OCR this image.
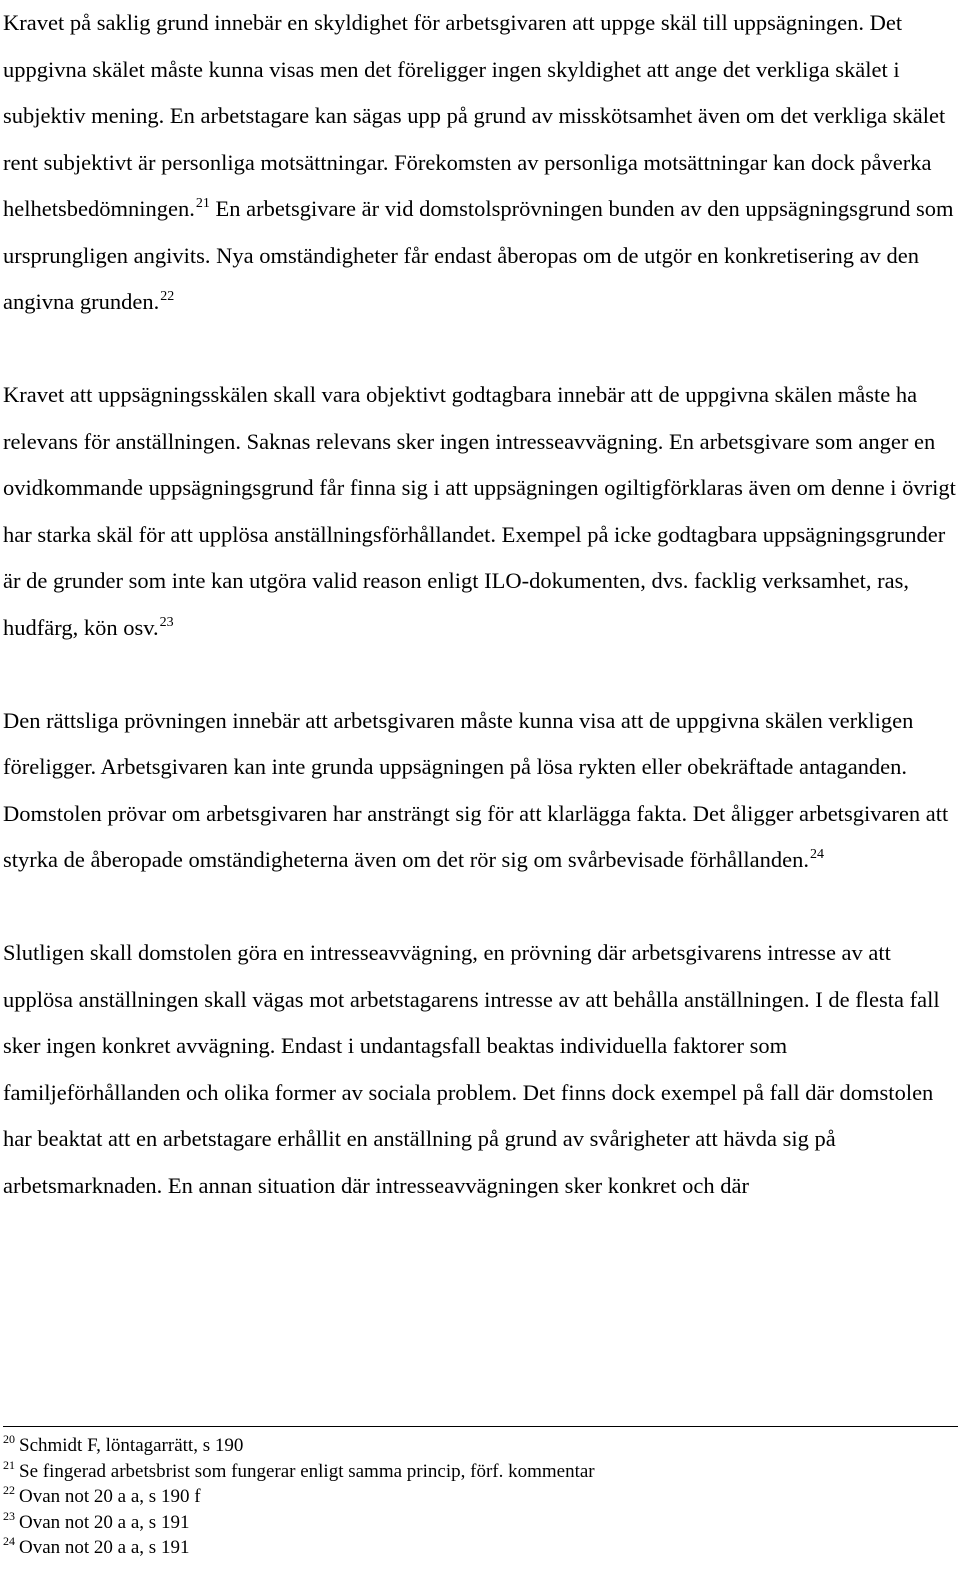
Kravet på saklig grund innebär en skyldighet för arbetsgivaren att uppge skäl till uppsägningen. Det uppgivna skälet måste kunna visas men det föreligger ingen skyldighet att ange det verkliga skälet i subjektiv mening. En arbetstagare kan sägas upp på grund av misskötsamhet även om det verkliga skälet rent subjektivt är personliga motsättningar. Förekomsten av personliga motsättningar kan dock påverka helhetsbedömningen.$^{21}$ En arbetsgivare är vid domstolsprövningen bunden av den uppsägningsgrund som ursprungligen angivits. Nya omständigheter får endast åberopas om de utgör en konkretisering av den angivna grunden.$^{22}$

Kravet att uppsägningsskälen skall vara objektivt godtagbara innebär att de uppgivna skälen måste ha relevans för anställningen. Saknas relevans sker ingen intresseavvägning. En arbetsgivare som anger en ovidkommande uppsägningsgrund får finna sig i att uppsägningen ogiltigförklaras även om denne i övrigt har starka skäl för att upplösa anställningsförhållandet. Exempel på icke godtagbara uppsägningsgrunder är de grunder som inte kan utgöra valid reason enligt ILO-dokumenten, dvs. facklig verksamhet, ras, hudfärg, kön osv.$^{23}$

Den rättsliga prövningen innebär att arbetsgivaren måste kunna visa att de uppgivna skälen verkligen föreligger. Arbetsgivaren kan inte grunda uppsägningen på lösa rykten eller obekräftade antaganden. Domstolen prövar om arbetsgivaren har ansträngt sig för att klarlägga fakta. Det åligger arbetsgivaren att styrka de åberopade omständigheterna även om det rör sig om svårbevisade förhållanden.$^{24}$

Slutligen skall domstolen göra en intresseavvägning, en prövning där arbetsgivarens intresse av att upplösa anställningen skall vägas mot arbetstagarens intresse av att behålla anställningen. I de flesta fall sker ingen konkret avvägning. Endast i undantagsfall beaktas individuella faktorer som familjeförhållanden och olika former av sociala problem. Det finns dock exempel på fall där domstolen har beaktat att en arbetstagare erhållit en anställning på grund av svårigheter att hävda sig på arbetsmarknaden. En annan situation där intresseavvägningen sker konkret och där

$^{20}$ Schmidt F, löntagarrätt, s 190
$^{21}$ Se fingerad arbetsbrist som fungerar enligt samma princip, förf. kommentar
$^{22}$ Ovan not 20 a a, s 190 f
$^{23}$ Ovan not 20 a a, s 191
$^{24}$ Ovan not 20 a a, s 191
